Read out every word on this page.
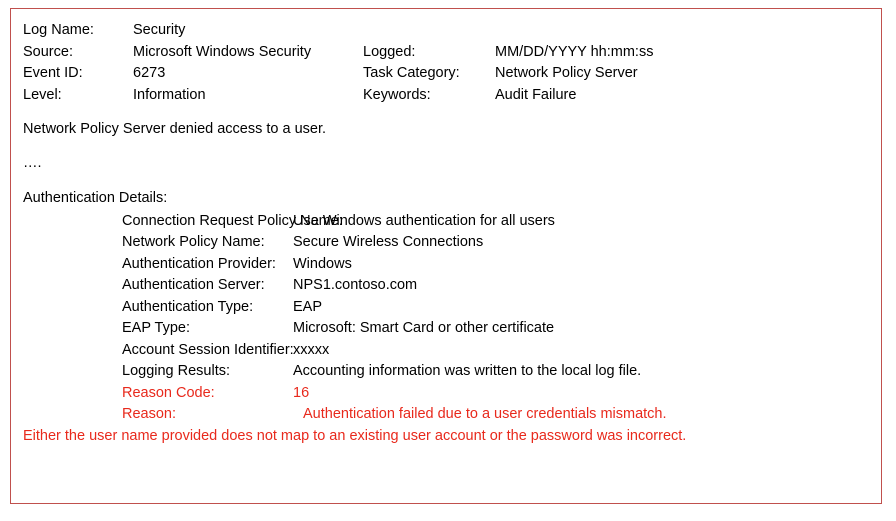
Log Name:	Security
Source:	Microsoft Windows Security	Logged:	MM/DD/YYYY hh:mm:ss
Event ID:	6273	Task Category:	Network Policy Server
Level:	Information	Keywords:	Audit Failure
Network Policy Server denied access to a user.
….
Authentication Details:
Connection Request Policy Name:
Use Windows authentication for all users
Network Policy Name:	Secure Wireless Connections
Authentication Provider:	Windows
Authentication Server:	NPS1.contoso.com
Authentication Type:	EAP
EAP Type:	Microsoft: Smart Card or other certificate
Account Session Identifier: xxxxx
Logging Results:	Accounting information was written to the local log file.
Reason Code:	16
Reason:	Authentication failed due to a user credentials mismatch.
Either the user name provided does not map to an existing user account or the password was incorrect.
